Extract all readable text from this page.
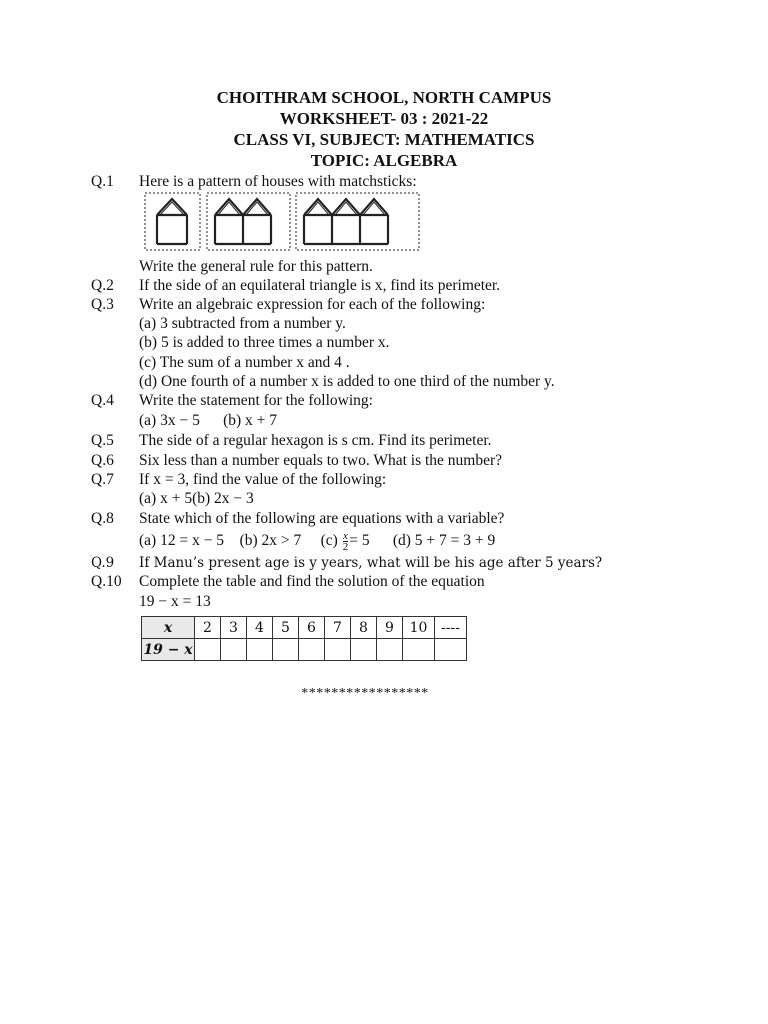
CHOITHRAM SCHOOL, NORTH CAMPUS
WORKSHEET- 03 : 2021-22
CLASS VI, SUBJECT: MATHEMATICS
TOPIC: ALGEBRA
Q.1 Here is a pattern of houses with matchsticks:
Write the general rule for this pattern.
Q.2 If the side of an equilateral triangle is x, find its perimeter.
Q.3 Write an algebraic expression for each of the following:
(a) 3 subtracted from a number y.
(b) 5 is added to three times a number x.
(c) The sum of a number x and 4 .
(d) One fourth of a number x is added to one third of the number y.
Q.4 Write the statement for the following:
(a) 3x − 5      (b) x + 7
Q.5 The side of a regular hexagon is s cm. Find its perimeter.
Q.6 Six less than a number equals to two. What is the number?
Q.7 If x = 3, find the value of the following:
(a) x + 5(b) 2x − 3
Q.8 State which of the following are equations with a variable?
(a) 12 = x − 5 (b) 2x > 7 $(c) \frac{x}{2} = 5$ (d) 5 + 7 = 3 + 9
Q.9 If Manu’s present age is y years, what will be his age after 5 years?
Q.10 Complete the table and find the solution of the equation
19 − x = 13
x	2	3	4	5	6	7	8	9	10	----
19 − x										
*****************
